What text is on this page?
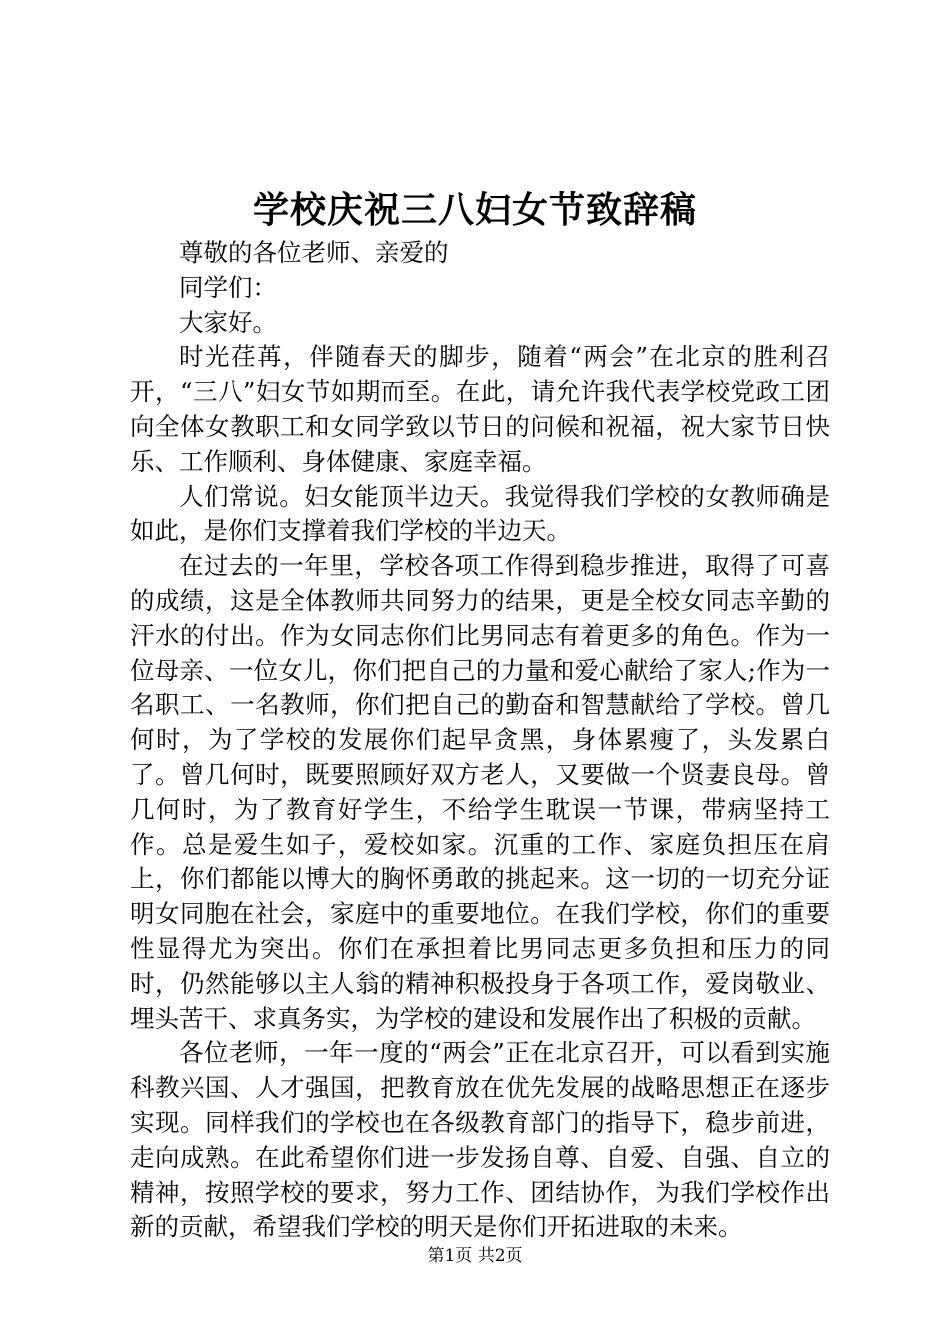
学校庆祝三八妇女节致辞稿

尊敬的各位老师、亲爱的

同学们：

大家好。

时光荏苒，伴随春天的脚步，随着“两会”在北京的胜利召开，“三八”妇女节如期而至。在此，请允许我代表学校党政工团向全体女教职工和女同学致以节日的问候和祝福，祝大家节日快乐、工作顺利、身体健康、家庭幸福。

人们常说。妇女能顶半边天。我觉得我们学校的女教师确是如此，是你们支撑着我们学校的半边天。

在过去的一年里，学校各项工作得到稳步推进，取得了可喜的成绩，这是全体教师共同努力的结果，更是全校女同志辛勤的汗水的付出。作为女同志你们比男同志有着更多的角色。作为一位母亲、一位女儿，你们把自己的力量和爱心献给了家人;作为一名职工、一名教师，你们把自己的勤奋和智慧献给了学校。曾几何时，为了学校的发展你们起早贪黑，身体累瘦了，头发累白了。曾几何时，既要照顾好双方老人，又要做一个贤妻良母。曾几何时，为了教育好学生，不给学生耽误一节课，带病坚持工作。总是爱生如子，爱校如家。沉重的工作、家庭负担压在肩上，你们都能以博大的胸怀勇敢的挑起来。这一切的一切充分证明女同胞在社会，家庭中的重要地位。在我们学校，你们的重要性显得尤为突出。你们在承担着比男同志更多负担和压力的同时，仍然能够以主人翁的精神积极投身于各项工作，爱岗敬业、埋头苦干、求真务实，为学校的建设和发展作出了积极的贡献。

各位老师，一年一度的“两会”正在北京召开，可以看到实施科教兴国、人才强国，把教育放在优先发展的战略思想正在逐步实现。同样我们的学校也在各级教育部门的指导下，稳步前进，走向成熟。在此希望你们进一步发扬自尊、自爱、自强、自立的精神，按照学校的要求，努力工作、团结协作，为我们学校作出新的贡献，希望我们学校的明天是你们开拓进取的未来。

第1页 共2页
